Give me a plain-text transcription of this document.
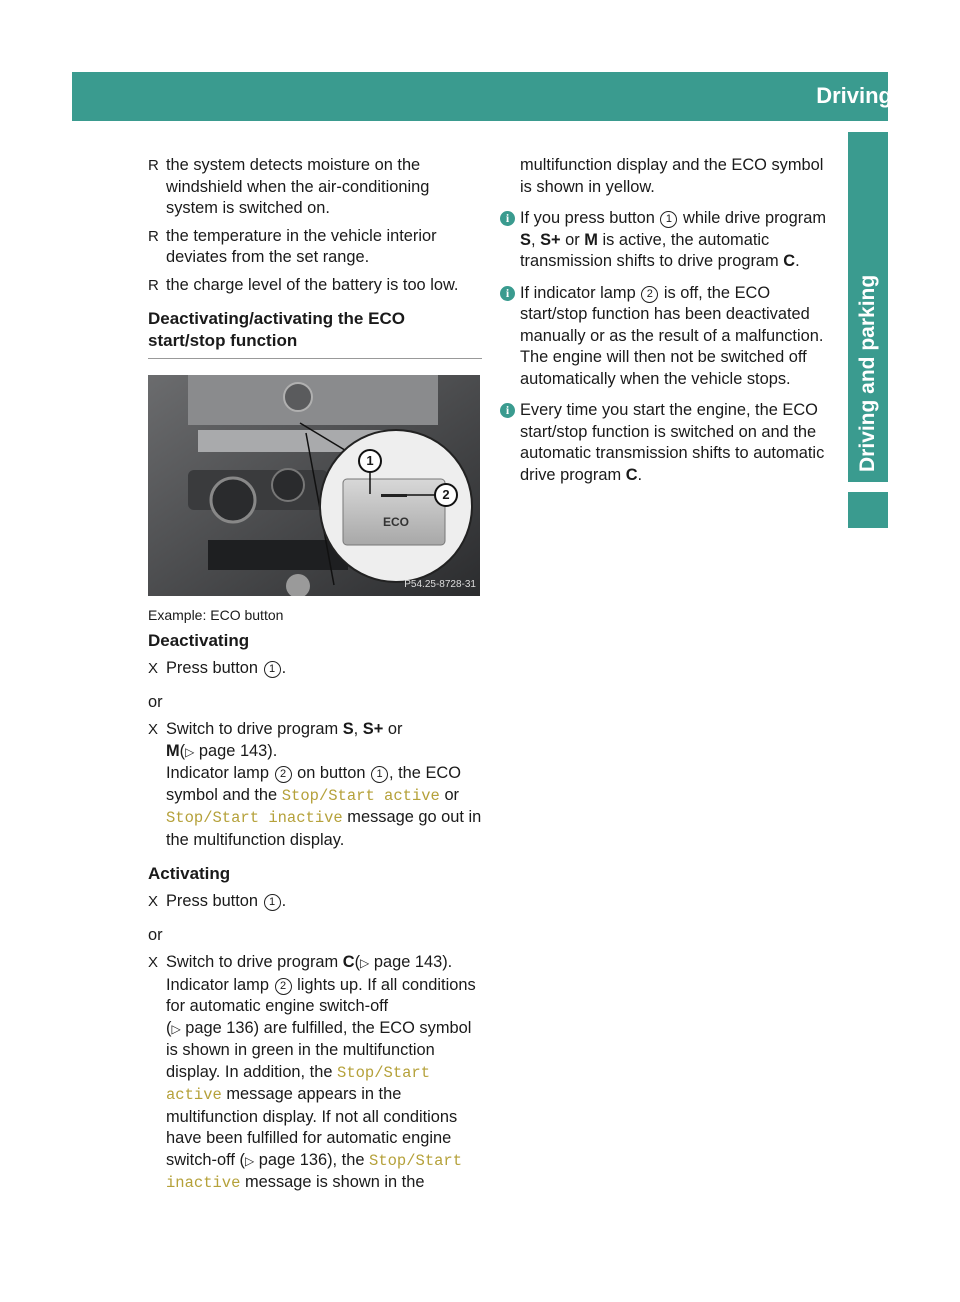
Driving 137
Driving and parking
R the system detects moisture on the windshield when the air-conditioning system is switched on.
R the temperature in the vehicle interior deviates from the set range.
R the charge level of the battery is too low.

Deactivating/activating the ECO start/stop function

1
2
ECO
P54.25-8728-31

Example: ECO button

Deactivating

X Press button 1 .

or

X Switch to drive program S, S+ or
M(▷ page 143).
Indicator lamp 2 on button 1 , the ECO symbol and the Stop/Start active or Stop/Start inactive message go out in the multifunction display.

Activating

X Press button 1 .

or

X Switch to drive program C(▷ page 143).
Indicator lamp 2 lights up. If all conditions for automatic engine switch-off
(▷ page 136) are fulfilled, the ECO symbol is shown in green in the multifunction display. In addition, the Stop/Start active message appears in the multifunction display. If not all conditions have been fulfilled for automatic engine switch-off (▷ page 136), the Stop/Start inactive message is shown in the

multifunction display and the ECO symbol is shown in yellow.

i If you press button 1 while drive program S, S+ or M is active, the automatic transmission shifts to drive program C.
i If indicator lamp 2 is off, the ECO start/stop function has been deactivated manually or as the result of a malfunction. The engine will then not be switched off automatically when the vehicle stops.
i Every time you start the engine, the ECO start/stop function is switched on and the automatic transmission shifts to automatic drive program C.
